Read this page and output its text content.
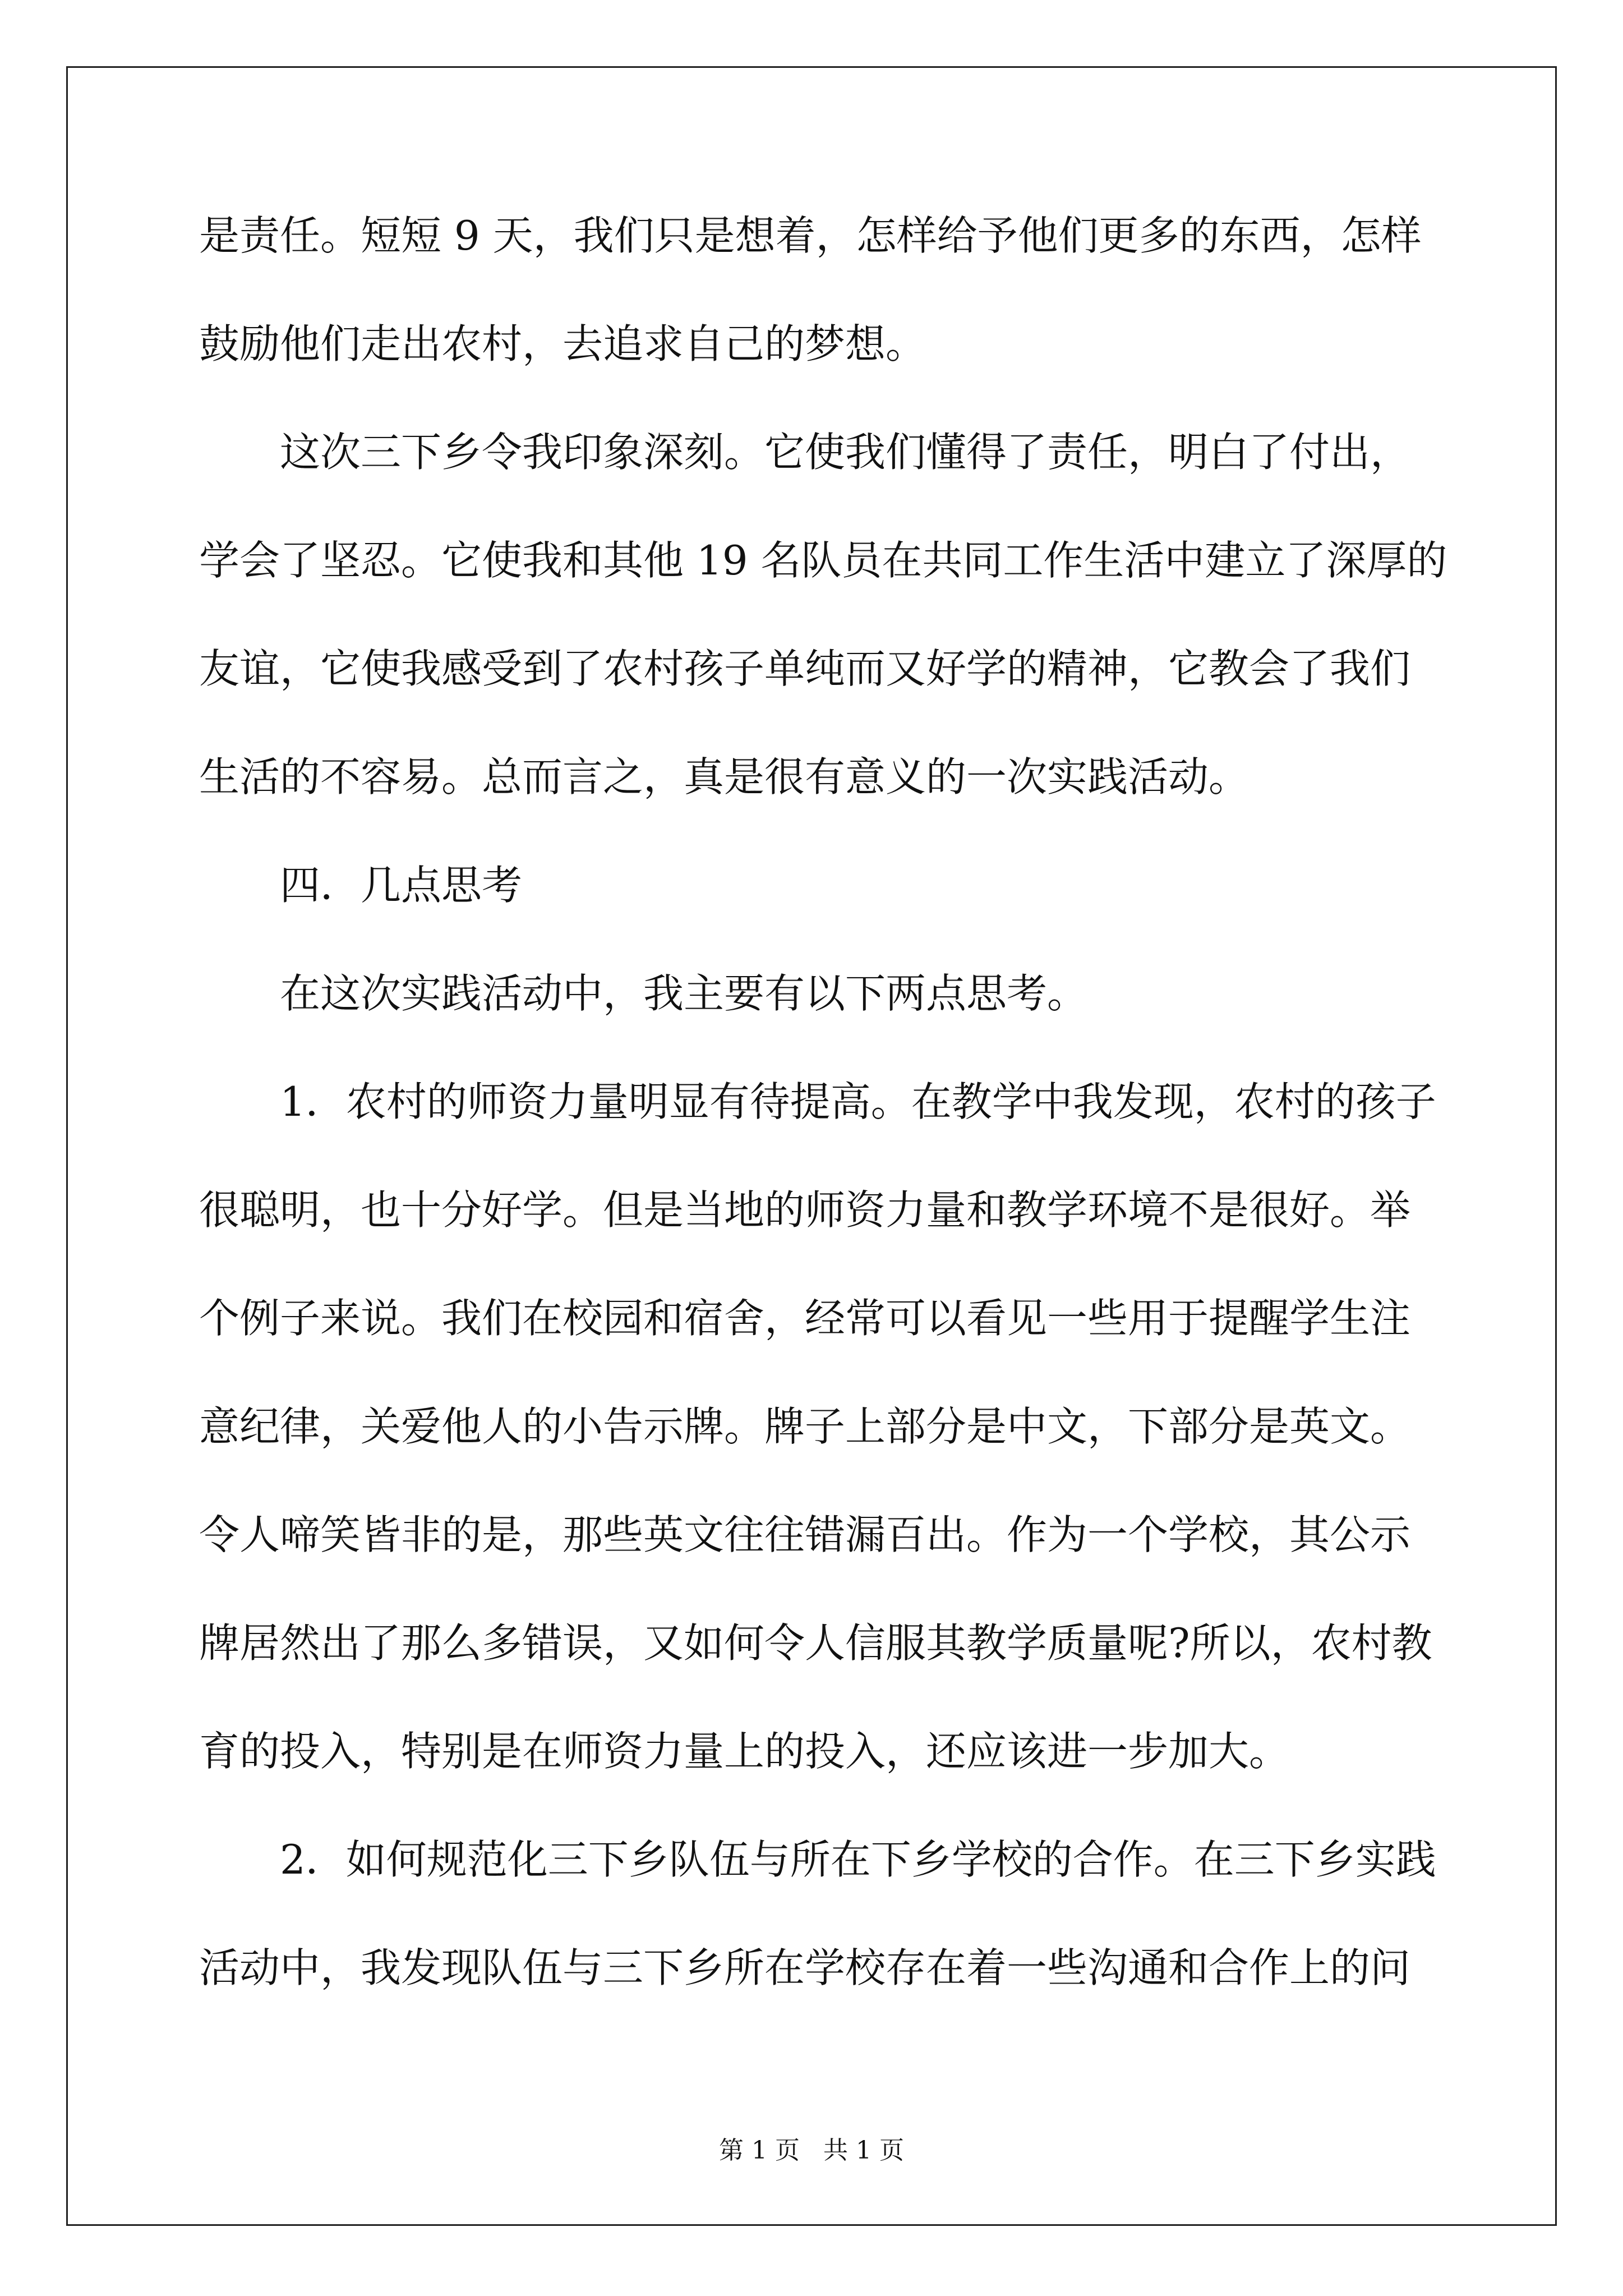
是责任。短短 9 天，我们只是想着，怎样给予他们更多的东西，怎样
鼓励他们走出农村，去追求自己的梦想。
这次三下乡令我印象深刻。它使我们懂得了责任，明白了付出，
学会了坚忍。它使我和其他 19 名队员在共同工作生活中建立了深厚的
友谊，它使我感受到了农村孩子单纯而又好学的精神，它教会了我们
生活的不容易。总而言之，真是很有意义的一次实践活动。
四．几点思考
在这次实践活动中，我主要有以下两点思考。
1．农村的师资力量明显有待提高。在教学中我发现，农村的孩子
很聪明，也十分好学。但是当地的师资力量和教学环境不是很好。举
个例子来说。我们在校园和宿舍，经常可以看见一些用于提醒学生注
意纪律，关爱他人的小告示牌。牌子上部分是中文，下部分是英文。
令人啼笑皆非的是，那些英文往往错漏百出。作为一个学校，其公示
牌居然出了那么多错误，又如何令人信服其教学质量呢?所以，农村教
育的投入，特别是在师资力量上的投入，还应该进一步加大。
2．如何规范化三下乡队伍与所在下乡学校的合作。在三下乡实践
活动中，我发现队伍与三下乡所在学校存在着一些沟通和合作上的问
第 1 页   共 1 页
